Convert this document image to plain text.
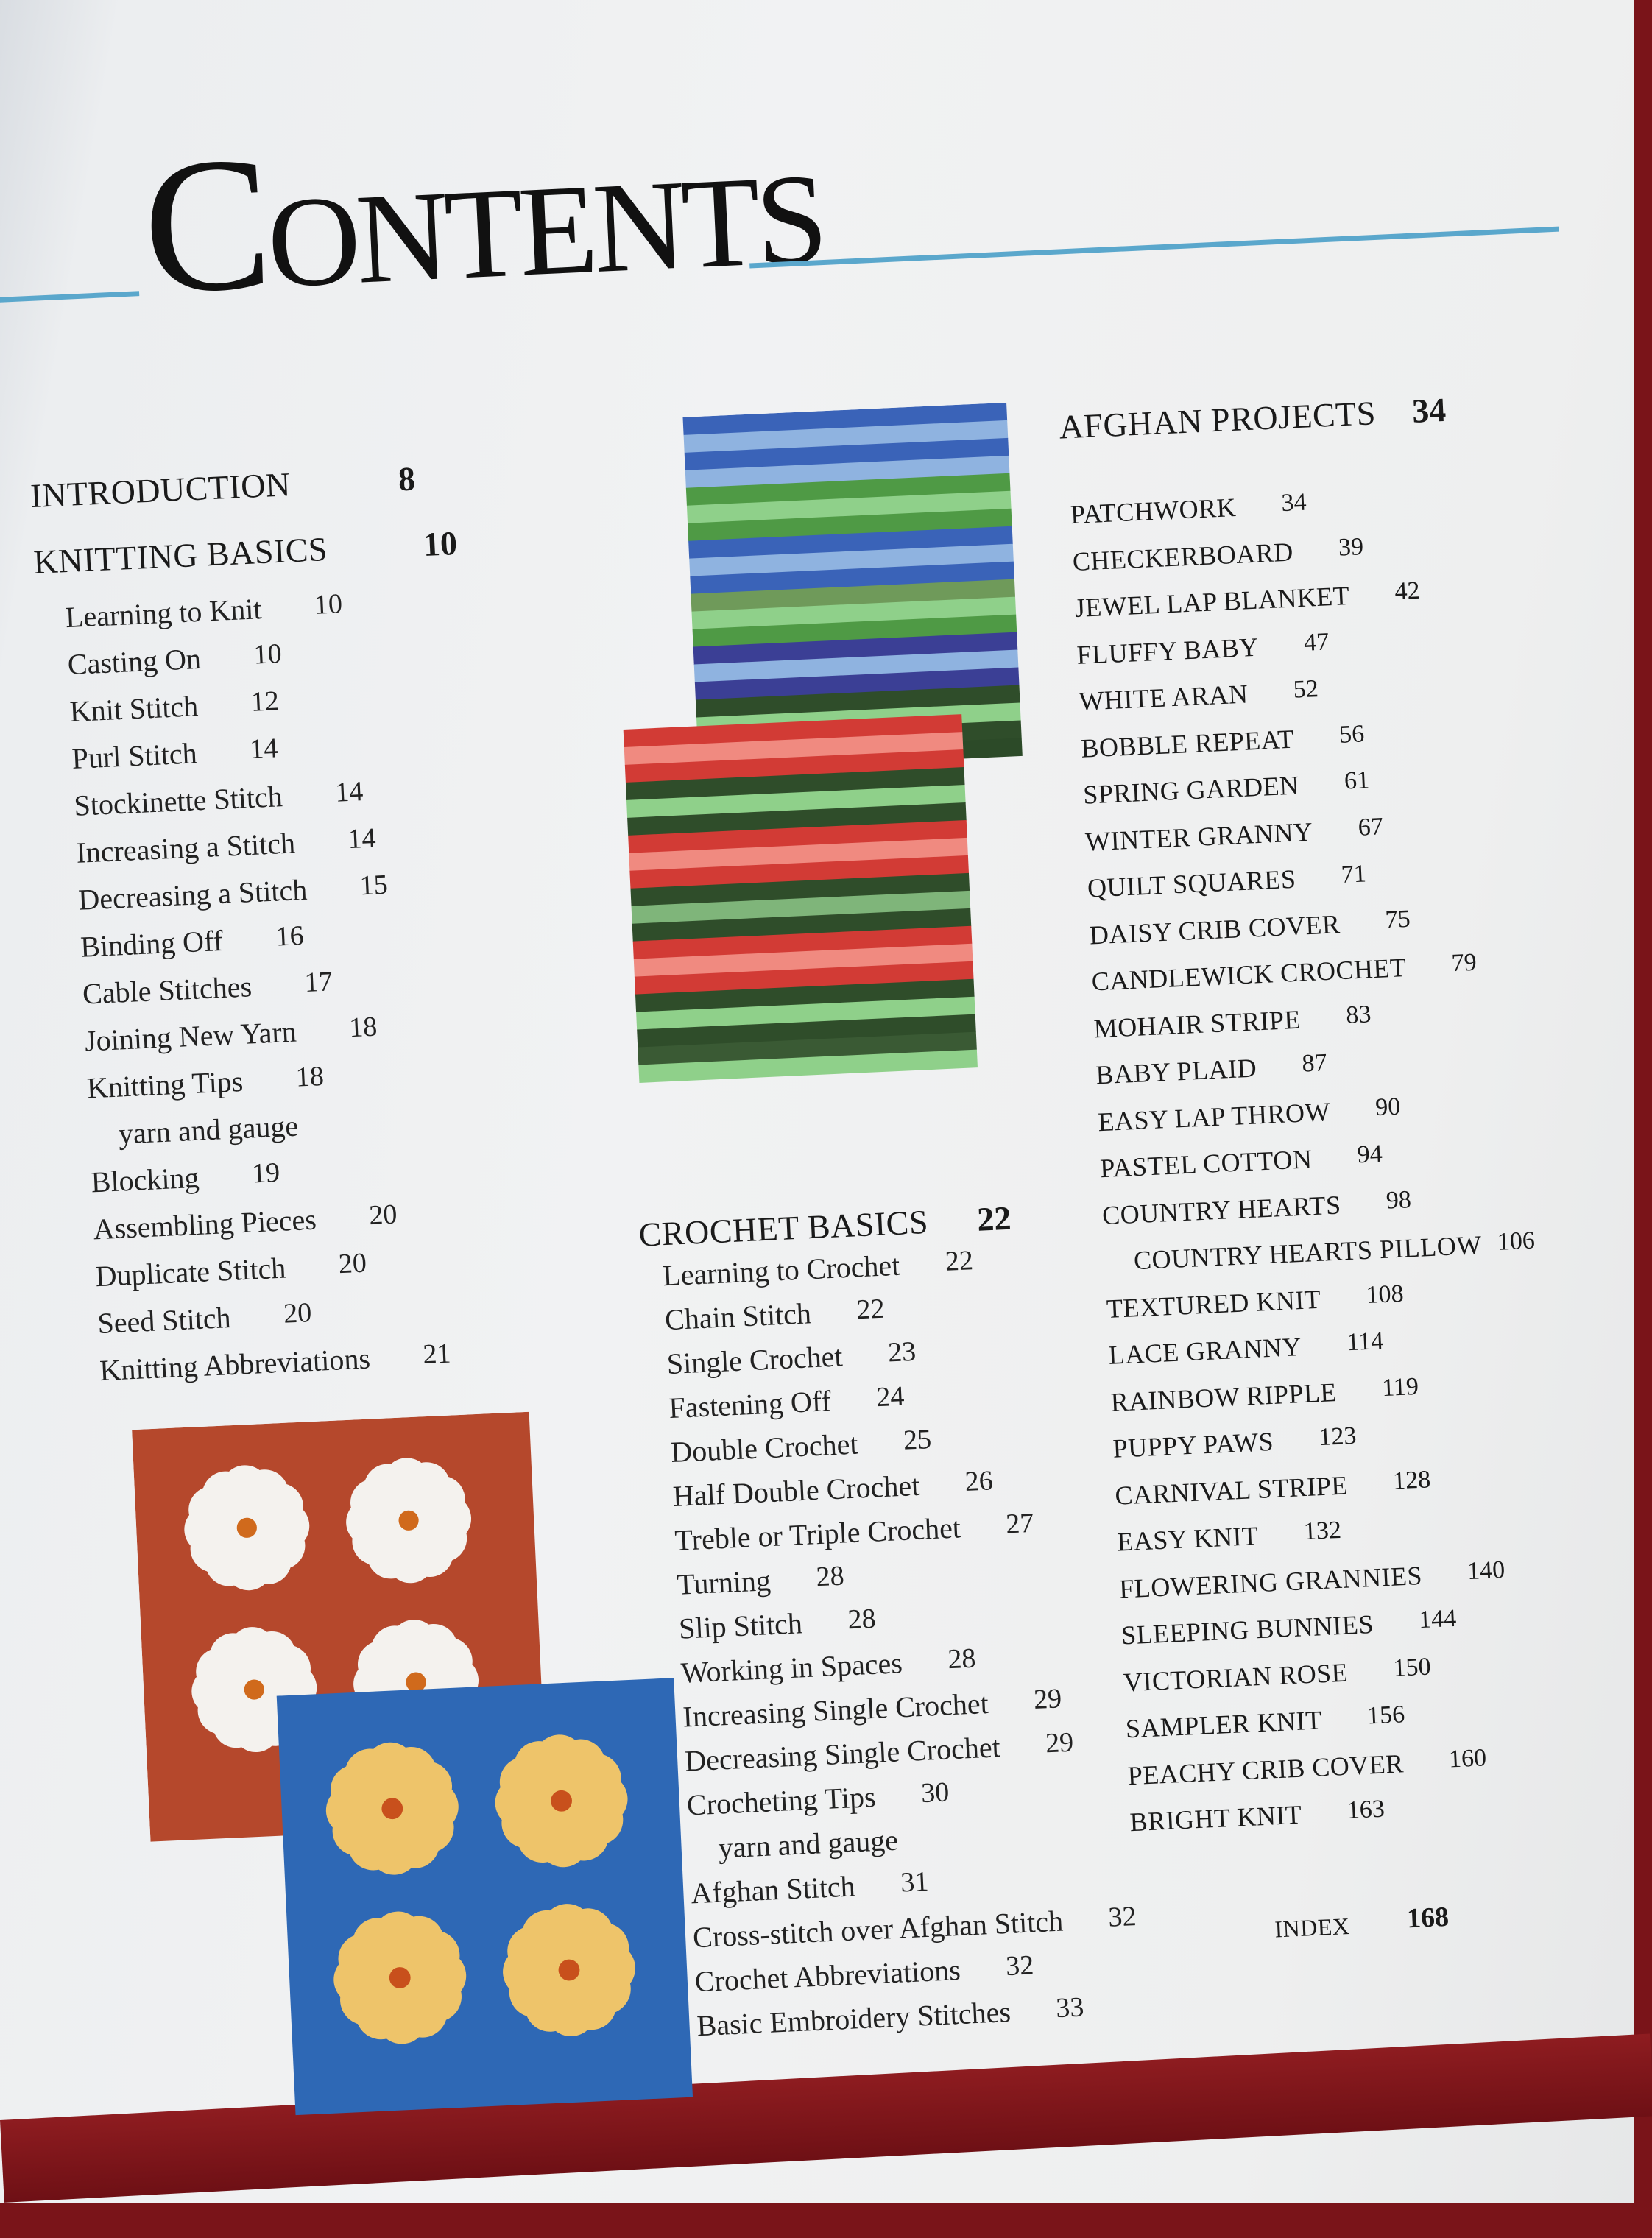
CONTENTS
INTRODUCTION	8
KNITTING BASICS	10
Learning to Knit 10
Casting On 10
Knit Stitch 12
Purl Stitch 14
Stockinette Stitch 14
Increasing a Stitch 14
Decreasing a Stitch 15
Binding Off 16
Cable Stitches 17
Joining New Yarn 18
Knitting Tips 18
yarn and gauge
Blocking 19
Assembling Pieces 20
Duplicate Stitch 20
Seed Stitch 20
Knitting Abbreviations 21
CROCHET BASICS 22
Learning to Crochet 22
Chain Stitch 22
Single Crochet 23
Fastening Off 24
Double Crochet 25
Half Double Crochet 26
Treble or Triple Crochet 27
Turning 28
Slip Stitch 28
Working in Spaces 28
Increasing Single Crochet 29
Decreasing Single Crochet 29
Crocheting Tips 30
yarn and gauge
Afghan Stitch 31
Cross-stitch over Afghan Stitch 32
Crochet Abbreviations 32
Basic Embroidery Stitches 33
AFGHAN PROJECTS 34
PATCHWORK 34
CHECKERBOARD 39
JEWEL LAP BLANKET 42
FLUFFY BABY 47
WHITE ARAN 52
BOBBLE REPEAT 56
SPRING GARDEN 61
WINTER GRANNY 67
QUILT SQUARES 71
DAISY CRIB COVER 75
CANDLEWICK CROCHET 79
MOHAIR STRIPE 83
BABY PLAID 87
EASY LAP THROW 90
PASTEL COTTON 94
COUNTRY HEARTS 98
COUNTRY HEARTS PILLOW 106
TEXTURED KNIT 108
LACE GRANNY 114
RAINBOW RIPPLE 119
PUPPY PAWS 123
CARNIVAL STRIPE 128
EASY KNIT 132
FLOWERING GRANNIES 140
SLEEPING BUNNIES 144
VICTORIAN ROSE 150
SAMPLER KNIT 156
PEACHY CRIB COVER 160
BRIGHT KNIT 163
INDEX 168
